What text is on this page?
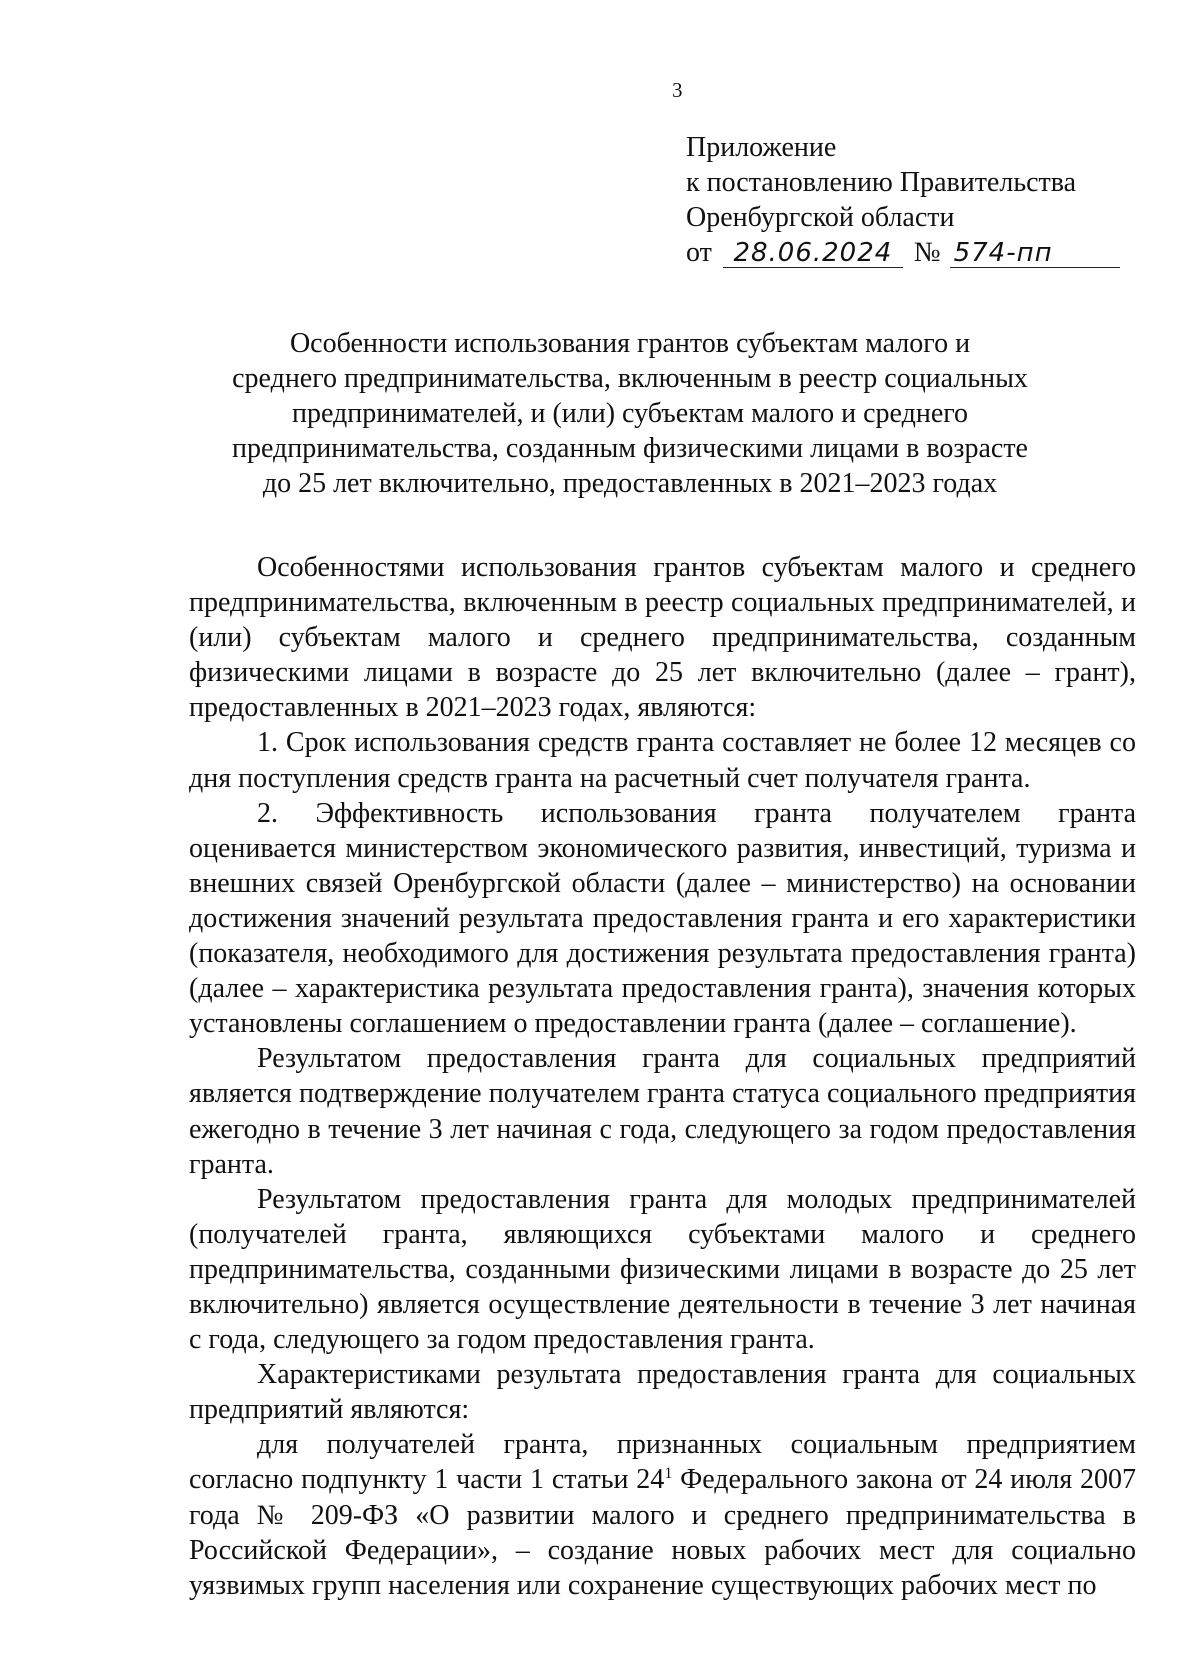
3
Приложение
к постановлению Правительства
Оренбургской области
от 28.06.2024 № 574-пп
Особенности использования грантов субъектам малого и
среднего предпринимательства, включенным в реестр социальных
предпринимателей, и (или) субъектам малого и среднего
предпринимательства, созданным физическими лицами в возрасте
до 25 лет включительно, предоставленных в 2021–2023 годах

Особенностями использования грантов субъектам малого и среднего предпринимательства, включенным в реестр социальных предпринимателей, и (или) субъектам малого и среднего предпринимательства, созданным физическими лицами в возрасте до 25 лет включительно (далее – грант), предоставленных в 2021–2023 годах, являются:

1. Срок использования средств гранта составляет не более 12 месяцев со дня поступления средств гранта на расчетный счет получателя гранта.

2. Эффективность использования гранта получателем гранта оценивается министерством экономического развития, инвестиций, туризма и внешних связей Оренбургской области (далее – министерство) на основании достижения значений результата предоставления гранта и его характеристики (показателя, необходимого для достижения результата предоставления гранта) (далее – характеристика результата предоставления гранта), значения которых установлены соглашением о предоставлении гранта (далее – соглашение).

Результатом предоставления гранта для социальных предприятий является подтверждение получателем гранта статуса социального предприятия ежегодно в течение 3 лет начиная с года, следующего за годом предоставления гранта.

Результатом предоставления гранта для молодых предпринимателей (получателей гранта, являющихся субъектами малого и среднего предпринимательства, созданными физическими лицами в возрасте до 25 лет включительно) является осуществление деятельности в течение 3 лет начиная с года, следующего за годом предоставления гранта.

Характеристиками результата предоставления гранта для социальных предприятий являются:

для получателей гранта, признанных социальным предприятием согласно подпункту 1 части 1 статьи $24^1$ Федерального закона от 24 июля 2007 года № 209-ФЗ «О развитии малого и среднего предпринимательства в Российской Федерации», – создание новых рабочих мест для социально уязвимых групп населения или сохранение существующих рабочих мест по
